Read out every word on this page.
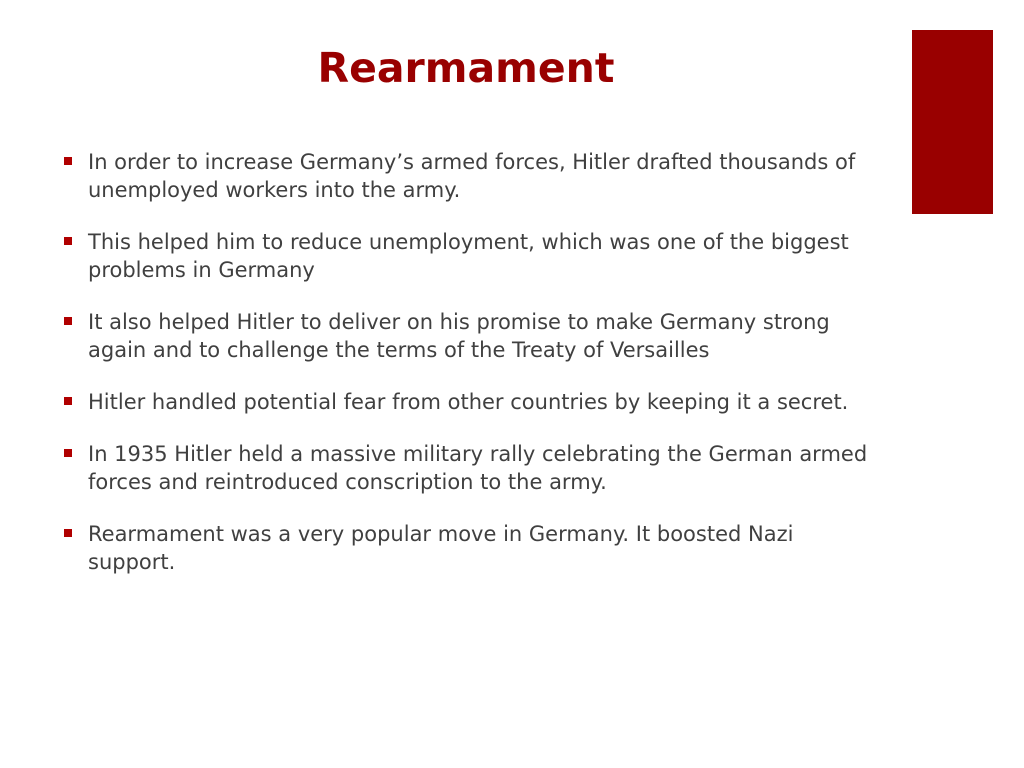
Rearmament
In order to increase Germany’s armed forces, Hitler drafted thousands of unemployed workers into the army.
This helped him to reduce unemployment, which was one of the biggest problems in Germany
It also helped Hitler to deliver on his promise to make Germany strong again and to challenge the terms of the Treaty of Versailles
Hitler handled potential fear from other countries by keeping it a secret.
In 1935 Hitler held a massive military rally celebrating the German armed forces and reintroduced conscription to the army.
Rearmament was a very popular move in Germany. It boosted Nazi support.
